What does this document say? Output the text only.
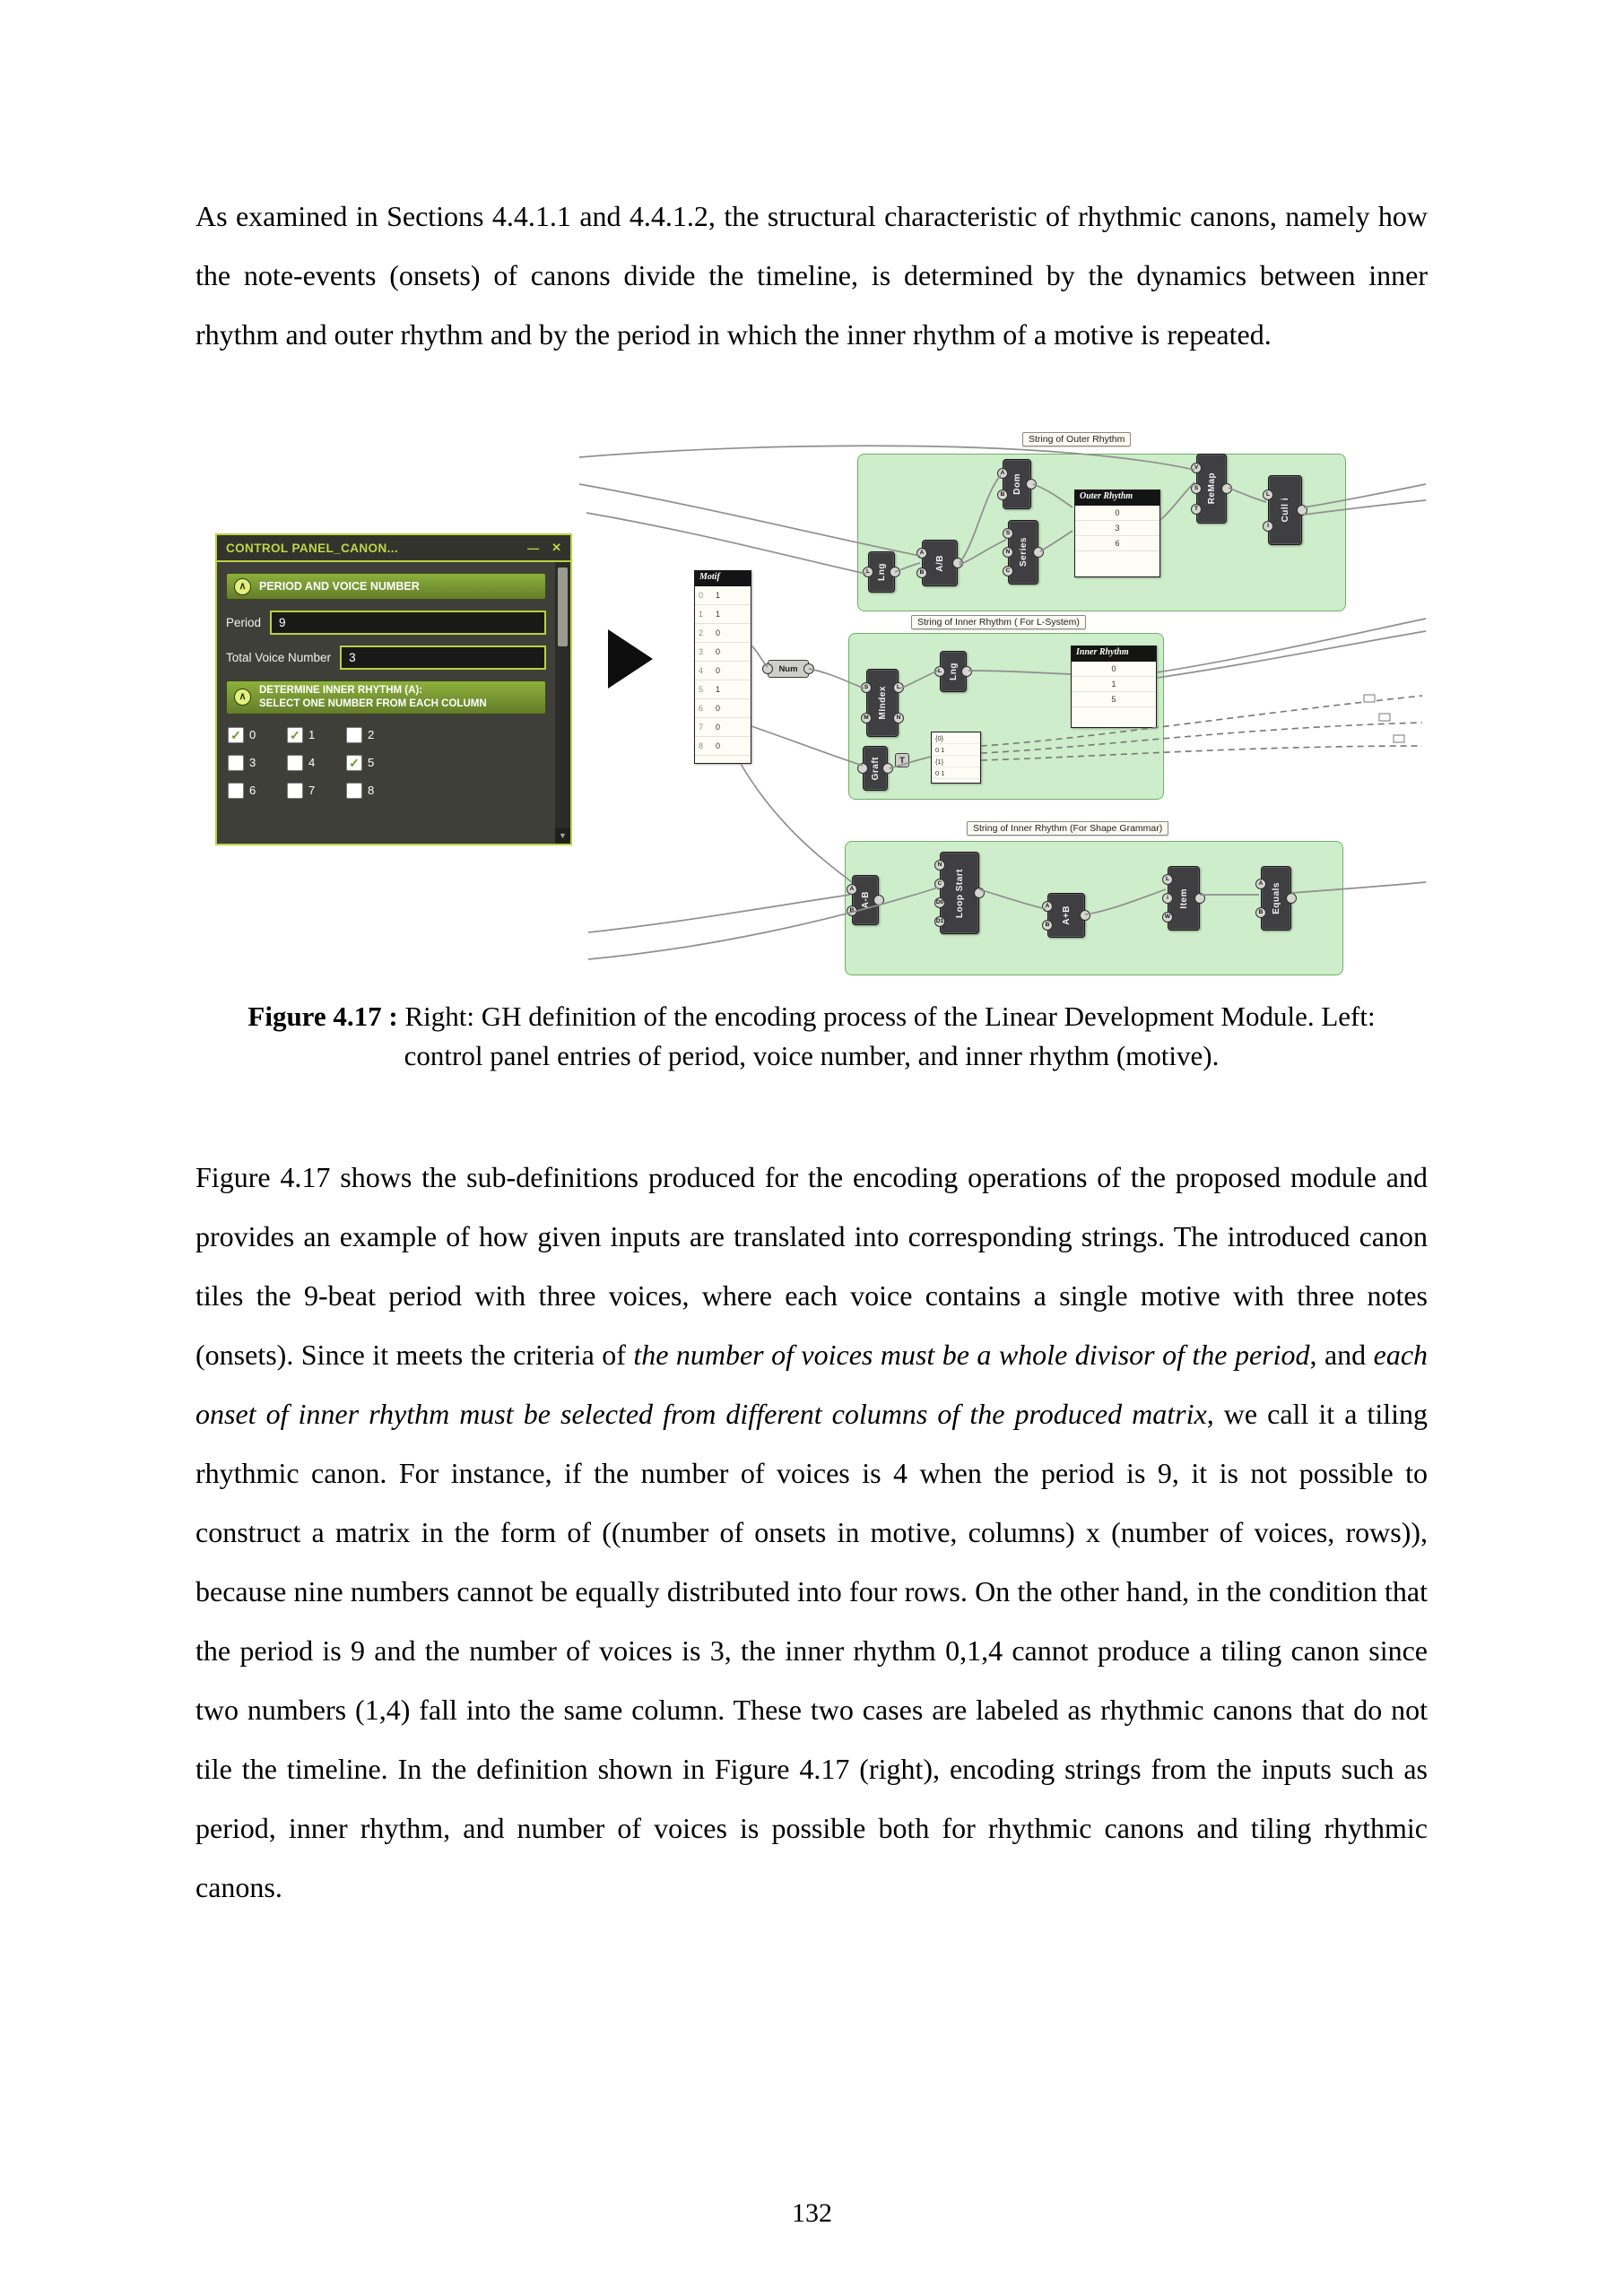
As examined in Sections 4.4.1.1 and 4.4.1.2, the structural characteristic of rhythmic canons, namely how the note-events (onsets) of canons divide the timeline, is determined by the dynamics between inner rhythm and outer rhythm and by the period in which the inner rhythm of a motive is repeated.

String of Outer Rhythm
String of Inner Rhythm ( For L-System)
String of Inner Rhythm (For Shape Grammar)
Motif
0	1
1	1
2	0
3	0
4	0
5	1
6	0
7	0
8	0
Outer Rhythm
0
3
6
Inner Rhythm
0
1
5
{0}
0 1
{1}
0 1
Lng
L
A/B
A
B
Dom
A
B
Series
S
N
C
ReMap
V
S
T	Cull i
L
I
Num
MIndex
S
M
L
N
Lng
L
Graft T
A-B
A
B	Loop Start
N
C
D0
D1	A+B
A
B
Item
L
i
W
Equals
A
B
CONTROL PANEL_CANON...	— ✕
∧	PERIOD AND VOICE NUMBER
Period	9
Total Voice Number	3
∧
DETERMINE INNER RHYTHM (A):
SELECT ONE NUMBER FROM EACH COLUMN
✓ 0	✓ 1	2
3	4	✓ 5
6	7	8
▼

Figure 4.17 : Right: GH definition of the encoding process of the Linear Development Module. Left: control panel entries of period, voice number, and inner rhythm (motive).

Figure 4.17 shows the sub-definitions produced for the encoding operations of the proposed module and provides an example of how given inputs are translated into corresponding strings. The introduced canon tiles the 9-beat period with three voices, where each voice contains a single motive with three notes (onsets). Since it meets the criteria of the number of voices must be a whole divisor of the period, and each onset of inner rhythm must be selected from different columns of the produced matrix, we call it a tiling rhythmic canon. For instance, if the number of voices is 4 when the period is 9, it is not possible to construct a matrix in the form of ((number of onsets in motive, columns) x (number of voices, rows)), because nine numbers cannot be equally distributed into four rows. On the other hand, in the condition that the period is 9 and the number of voices is 3, the inner rhythm 0,1,4 cannot produce a tiling canon since two numbers (1,4) fall into the same column. These two cases are labeled as rhythmic canons that do not tile the timeline. In the definition shown in Figure 4.17 (right), encoding strings from the inputs such as period, inner rhythm, and number of voices is possible both for rhythmic canons and tiling rhythmic canons.

132
